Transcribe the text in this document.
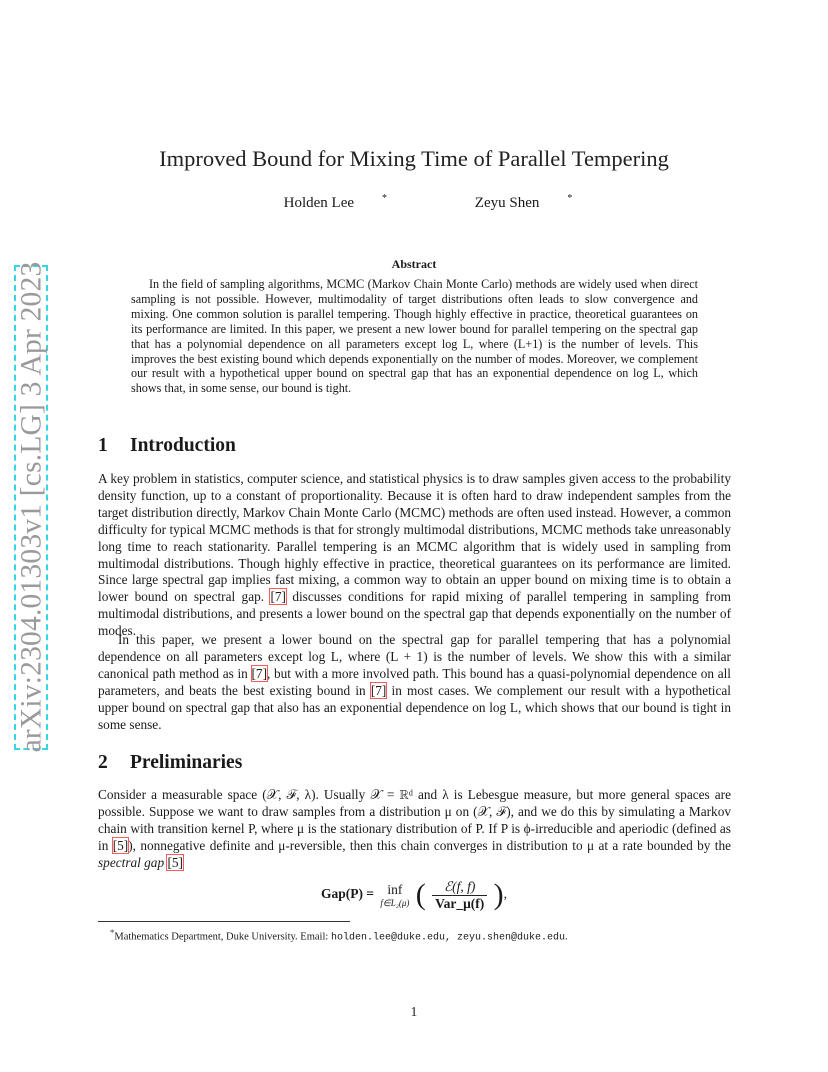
arXiv:2304.01303v1 [cs.LG] 3 Apr 2023
Improved Bound for Mixing Time of Parallel Tempering
Holden Lee	*	Zeyu Shen	*
Abstract
In the field of sampling algorithms, MCMC (Markov Chain Monte Carlo) methods are widely used when direct sampling is not possible. However, multimodality of target distributions often leads to slow convergence and mixing. One common solution is parallel tempering. Though highly effective in practice, theoretical guarantees on its performance are limited. In this paper, we present a new lower bound for parallel tempering on the spectral gap that has a polynomial dependence on all parameters except log L, where (L+1) is the number of levels. This improves the best existing bound which depends exponentially on the number of modes. Moreover, we complement our result with a hypothetical upper bound on spectral gap that has an exponential dependence on log L, which shows that, in some sense, our bound is tight.
1 Introduction
A key problem in statistics, computer science, and statistical physics is to draw samples given access to the probability density function, up to a constant of proportionality. Because it is often hard to draw independent samples from the target distribution directly, Markov Chain Monte Carlo (MCMC) methods are often used instead. However, a common difficulty for typical MCMC methods is that for strongly multimodal distributions, MCMC methods take unreasonably long time to reach stationarity. Parallel tempering is an MCMC algorithm that is widely used in sampling from multimodal distributions. Though highly effective in practice, theoretical guarantees on its performance are limited. Since large spectral gap implies fast mixing, a common way to obtain an upper bound on mixing time is to obtain a lower bound on spectral gap. [7] discusses conditions for rapid mixing of parallel tempering in sampling from multimodal distributions, and presents a lower bound on the spectral gap that depends exponentially on the number of modes.
In this paper, we present a lower bound on the spectral gap for parallel tempering that has a polynomial dependence on all parameters except log L, where (L + 1) is the number of levels. We show this with a similar canonical path method as in [7], but with a more involved path. This bound has a quasi-polynomial dependence on all parameters, and beats the best existing bound in [7] in most cases. We complement our result with a hypothetical upper bound on spectral gap that also has an exponential dependence on log L, which shows that our bound is tight in some sense.
2 Preliminaries
Consider a measurable space (𝒳, ℱ, λ). Usually 𝒳 = ℝᵈ and λ is Lebesgue measure, but more general spaces are possible. Suppose we want to draw samples from a distribution μ on (𝒳, ℱ), and we do this by simulating a Markov chain with transition kernel P, where μ is the stationary distribution of P. If P is ϕ-irreducible and aperiodic (defined as in [5]), nonnegative definite and μ-reversible, then this chain converges in distribution to μ at a rate bounded by the spectral gap [5]
Gap(P) = inf
f∈L₂(μ) ( $\frac{\text{ℰ(f, f)}}{\text{Var\_μ(f)}}$ ),
*Mathematics Department, Duke University. Email: holden.lee@duke.edu, zeyu.shen@duke.edu.
1
